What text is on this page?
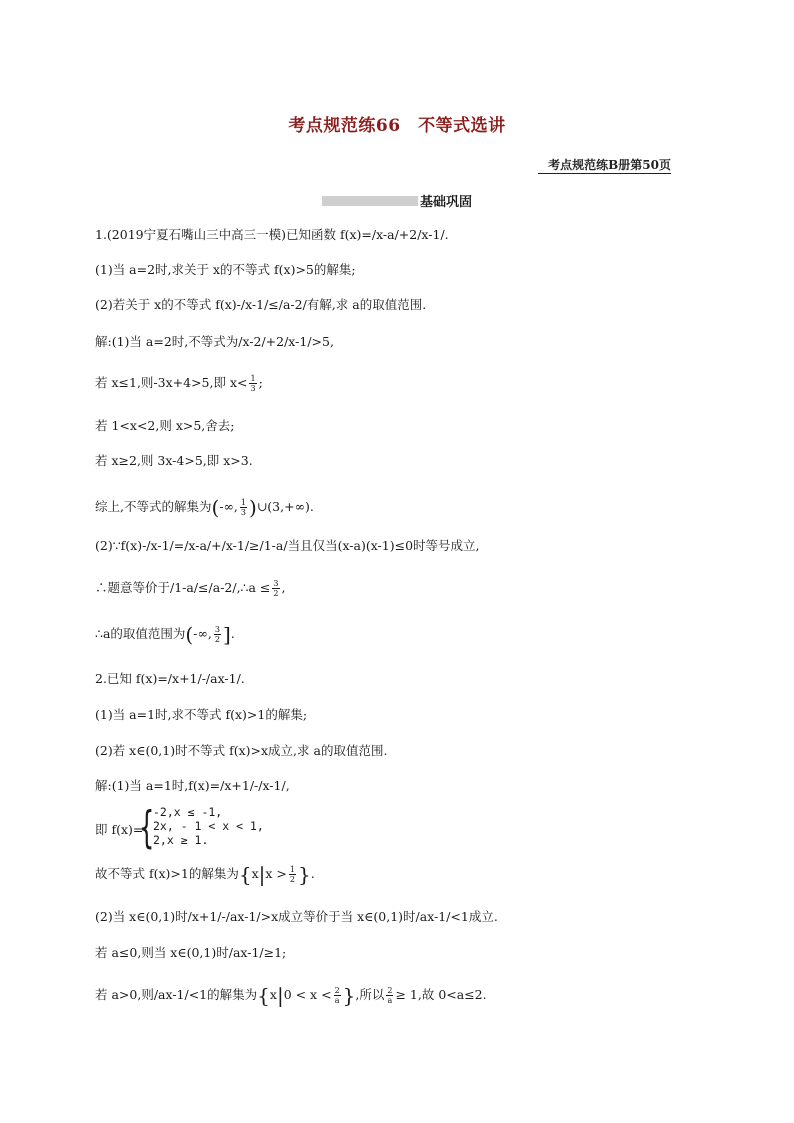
考点规范练66　不等式选讲
考点规范练B册第50页
基础巩固
1.(2019宁夏石嘴山三中高三一模)已知函数 f(x)=/x-a/+2/x-1/.
(1)当 a=2时,求关于 x的不等式 f(x)>5的解集;
(2)若关于 x的不等式 f(x)-/x-1/≤/a-2/有解,求 a的取值范围.
解:(1)当 a=2时,不等式为/x-2/+2/x-1/>5,
若 x≤1,则-3x+4>5,即 $x< \frac{1}{3}$ ;
若 1<x<2,则 x>5,舍去;
若 x≥2,则 3x-4>5,即 x>3.
综上,不等式的解集为(-∞, $\frac{1}{3}$ )∪(3,+∞).
(2)∵f(x)-/x-1/=/x-a/+/x-1/≥/1-a/当且仅当(x-a)(x-1)≤0时等号成立,
∴题意等价于/1-a/≤/a-2/,∴a ≤ $\frac{3}{2}$ ,
∴a的取值范围为(-∞, $\frac{3}{2}$ ].
2.已知 f(x)=/x+1/-/ax-1/.
(1)当 a=1时,求不等式 f(x)>1的解集;
(2)若 x∈(0,1)时不等式 f(x)>x成立,求 a的取值范围.
解:(1)当 a=1时,f(x)=/x+1/-/x-1/,
即 f(x)=
{
-2,x ≤ -1,
2x, - 1 < x < 1,
2,x ≥ 1.
故不等式 f(x)>1的解集为{$x|x > \frac{1}{2}$ }.
(2)当 x∈(0,1)时/x+1/-/ax-1/>x成立等价于当 x∈(0,1)时/ax-1/<1成立.
若 a≤0,则当 x∈(0,1)时/ax-1/≥1;
若 a>0,则/ax-1/<1的解集为{$x|0 < x < \frac{2}{a}$ },所以 $\frac{2}{a} \ge 1$,故 0<a≤2.
